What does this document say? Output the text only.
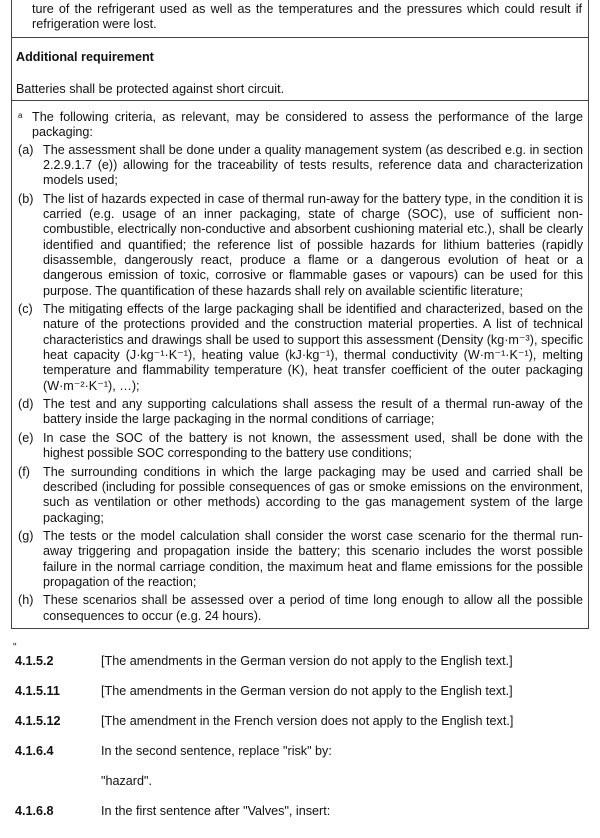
ture of the refrigerant used as well as the temperatures and the pressures which could result if refrigeration were lost.
Additional requirement
Batteries shall be protected against short circuit.
a The following criteria, as relevant, may be considered to assess the performance of the large packaging:
(a) The assessment shall be done under a quality management system (as described e.g. in section 2.2.9.1.7 (e)) allowing for the traceability of tests results, reference data and characterization models used;
(b) The list of hazards expected in case of thermal run-away for the battery type, in the condition it is carried (e.g. usage of an inner packaging, state of charge (SOC), use of sufficient non-combustible, electrically non-conductive and absorbent cushioning material etc.), shall be clearly identified and quantified; the reference list of possible hazards for lithium batteries (rapidly disassemble, dangerously react, produce a flame or a dangerous evolution of heat or a dangerous emission of toxic, corrosive or flammable gases or vapours) can be used for this purpose. The quantification of these hazards shall rely on available scientific literature;
(c) The mitigating effects of the large packaging shall be identified and characterized, based on the nature of the protections provided and the construction material properties. A list of technical characteristics and drawings shall be used to support this assessment (Density (kg·m⁻³), specific heat capacity (J·kg⁻¹·K⁻¹), heating value (kJ·kg⁻¹), thermal conductivity (W·m⁻¹·K⁻¹), melting temperature and flammability temperature (K), heat transfer coefficient of the outer packaging (W·m⁻²·K⁻¹), …);
(d) The test and any supporting calculations shall assess the result of a thermal run-away of the battery inside the large packaging in the normal conditions of carriage;
(e) In case the SOC of the battery is not known, the assessment used, shall be done with the highest possible SOC corresponding to the battery use conditions;
(f)	The surrounding conditions in which the large packaging may be used and carried shall be described (including for possible consequences of gas or smoke emissions on the environment, such as ventilation or other methods) according to the gas management system of the large packaging;
(g) The tests or the model calculation shall consider the worst case scenario for the thermal run-away triggering and propagation inside the battery; this scenario includes the worst possible failure in the normal carriage condition, the maximum heat and flame emissions for the possible propagation of the reaction;
(h) These scenarios shall be assessed over a period of time long enough to allow all the possible consequences to occur (e.g. 24 hours).
"
4.1.5.2	[The amendments in the German version do not apply to the English text.]
4.1.5.11	[The amendments in the German version do not apply to the English text.]
4.1.5.12	[The amendment in the French version does not apply to the English text.]
4.1.6.4	In the second sentence, replace "risk" by:
"hazard".
4.1.6.8	In the first sentence after "Valves", insert:
